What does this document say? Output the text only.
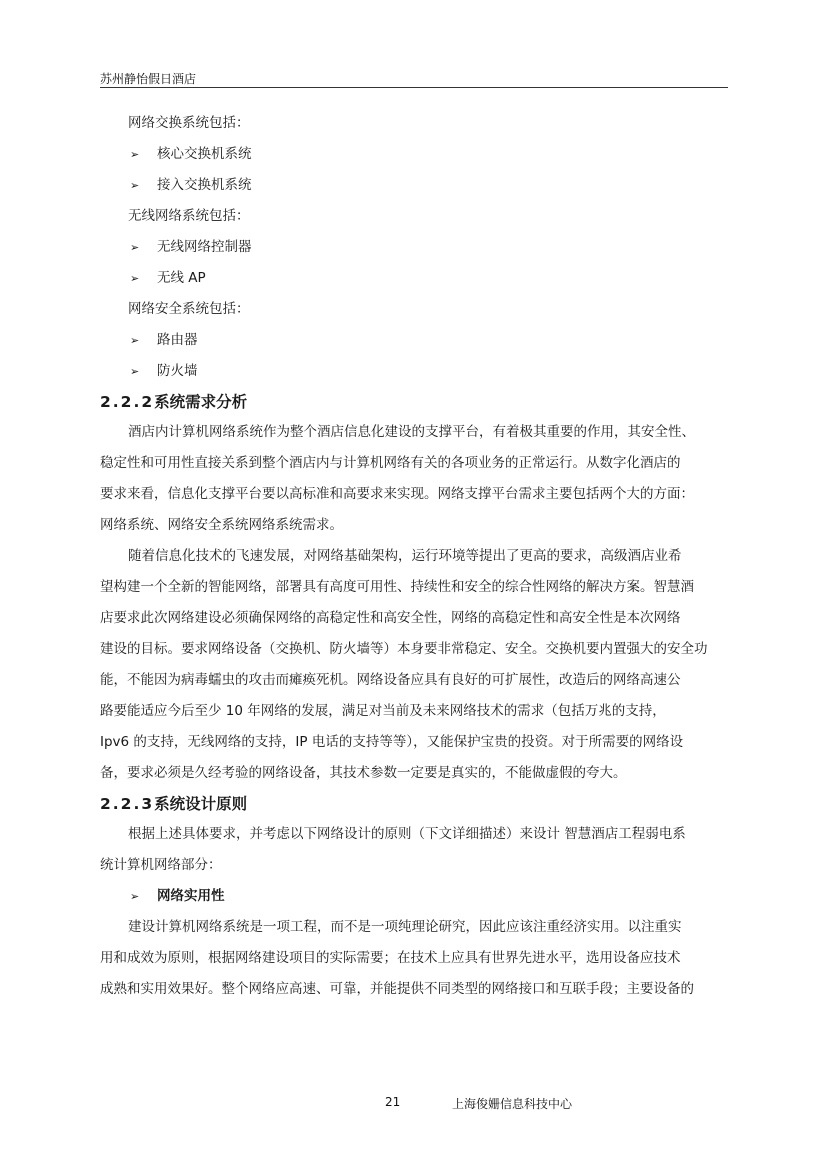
苏州静怡假日酒店
网络交换系统包括：
➢ 核心交换机系统
➢ 接入交换机系统
无线网络系统包括：
➢ 无线网络控制器
➢ 无线 AP
网络安全系统包括：
➢ 路由器
➢ 防火墙
2.2.2系统需求分析

酒店内计算机网络系统作为整个酒店信息化建设的支撑平台，有着极其重要的作用，其安全性、
稳定性和可用性直接关系到整个酒店内与计算机网络有关的各项业务的正常运行。从数字化酒店的
要求来看，信息化支撑平台要以高标准和高要求来实现。网络支撑平台需求主要包括两个大的方面：
网络系统、网络安全系统网络系统需求。

随着信息化技术的飞速发展，对网络基础架构，运行环境等提出了更高的要求，高级酒店业希
望构建一个全新的智能网络，部署具有高度可用性、持续性和安全的综合性网络的解决方案。智慧酒
店要求此次网络建设必须确保网络的高稳定性和高安全性，网络的高稳定性和高安全性是本次网络
建设的目标。要求网络设备（交换机、防火墙等）本身要非常稳定、安全。交换机要内置强大的安全功
能，不能因为病毒蠕虫的攻击而瘫痪死机。网络设备应具有良好的可扩展性，改造后的网络高速公
路要能适应今后至少 10 年网络的发展，满足对当前及未来网络技术的需求（包括万兆的支持，
Ipv6 的支持，无线网络的支持，IP 电话的支持等等），又能保护宝贵的投资。对于所需要的网络设
备，要求必须是久经考验的网络设备，其技术参数一定要是真实的，不能做虚假的夸大。

2.2.3系统设计原则

根据上述具体要求，并考虑以下网络设计的原则（下文详细描述）来设计 智慧酒店工程弱电系
统计算机网络部分：

➢ 网络实用性

建设计算机网络系统是一项工程，而不是一项纯理论研究，因此应该注重经济实用。以注重实
用和成效为原则，根据网络建设项目的实际需要；在技术上应具有世界先进水平，选用设备应技术
成熟和实用效果好。整个网络应高速、可靠，并能提供不同类型的网络接口和互联手段；主要设备的

21	上海俊姗信息科技中心
